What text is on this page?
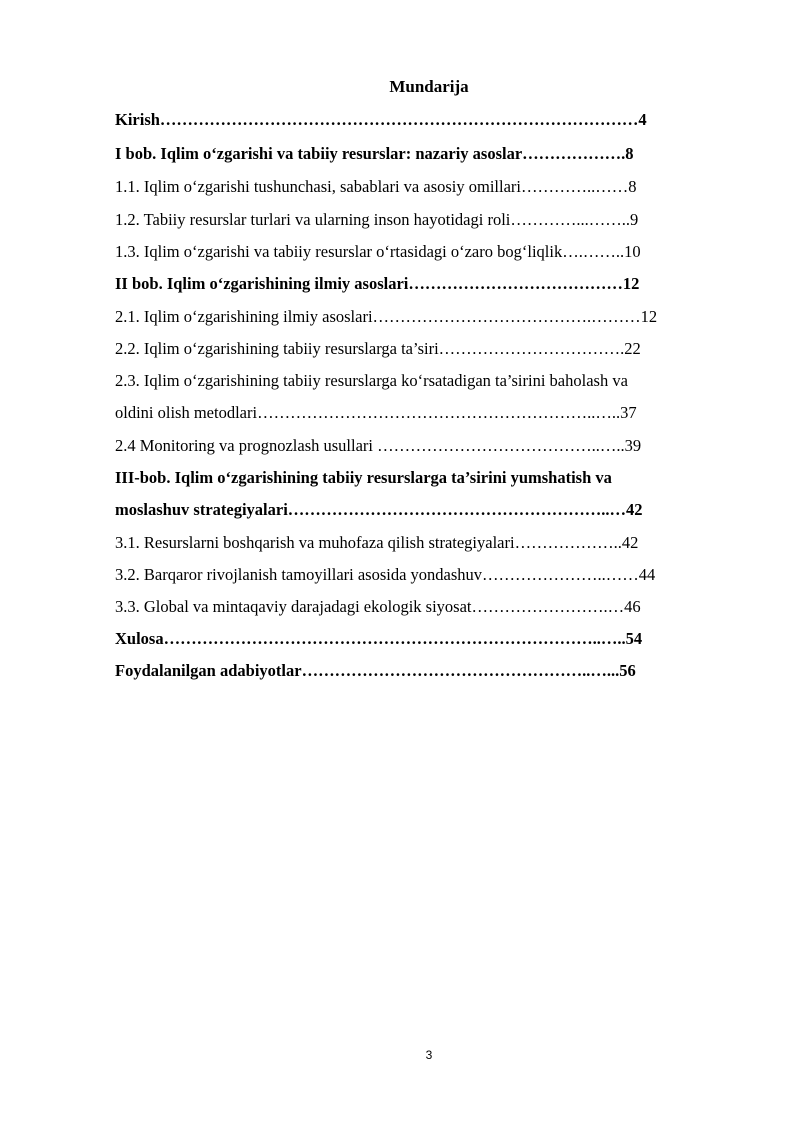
Mundarija
Kirish……………………………………………………………………………4
I bob. Iqlim oʻzgarishi va tabiiy resurslar: nazariy asoslar……………….8
1.1. Iqlim oʻzgarishi tushunchasi, sabablari va asosiy omillari…………..……8
1.2. Tabiiy resurslar turlari va ularning inson hayotidagi roli…………...……..9
1.3. Iqlim oʻzgarishi va tabiiy resurslar oʻrtasidagi oʻzaro bogʻliqlik….……..10
II bob. Iqlim oʻzgarishining ilmiy asoslari…………………………………12
2.1. Iqlim oʻzgarishining ilmiy asoslari………………………………….………12
2.2. Iqlim oʻzgarishining tabiiy resurslarga ta’siri…………………………….22
2.3. Iqlim oʻzgarishining tabiiy resurslarga koʻrsatadigan ta’sirini baholash va
oldini olish metodlari……………………………………………………..…..37
2.4 Monitoring va prognozlash usullari …………………………………..…..39
III-bob. Iqlim oʻzgarishining tabiiy resurslarga ta’sirini yumshatish va
moslashuv strategiyalari…………………………………………………..…42
3.1. Resurslarni boshqarish va muhofaza qilish strategiyalari………………..42
3.2. Barqaror rivojlanish tamoyillari asosida yondashuv…………………..……44
3.3. Global va mintaqaviy darajadagi ekologik siyosat…………………….…46
Xulosa……………………………………………………………………..…..54
Foydalanilgan adabiyotlar……………………………………………..…...56
3
